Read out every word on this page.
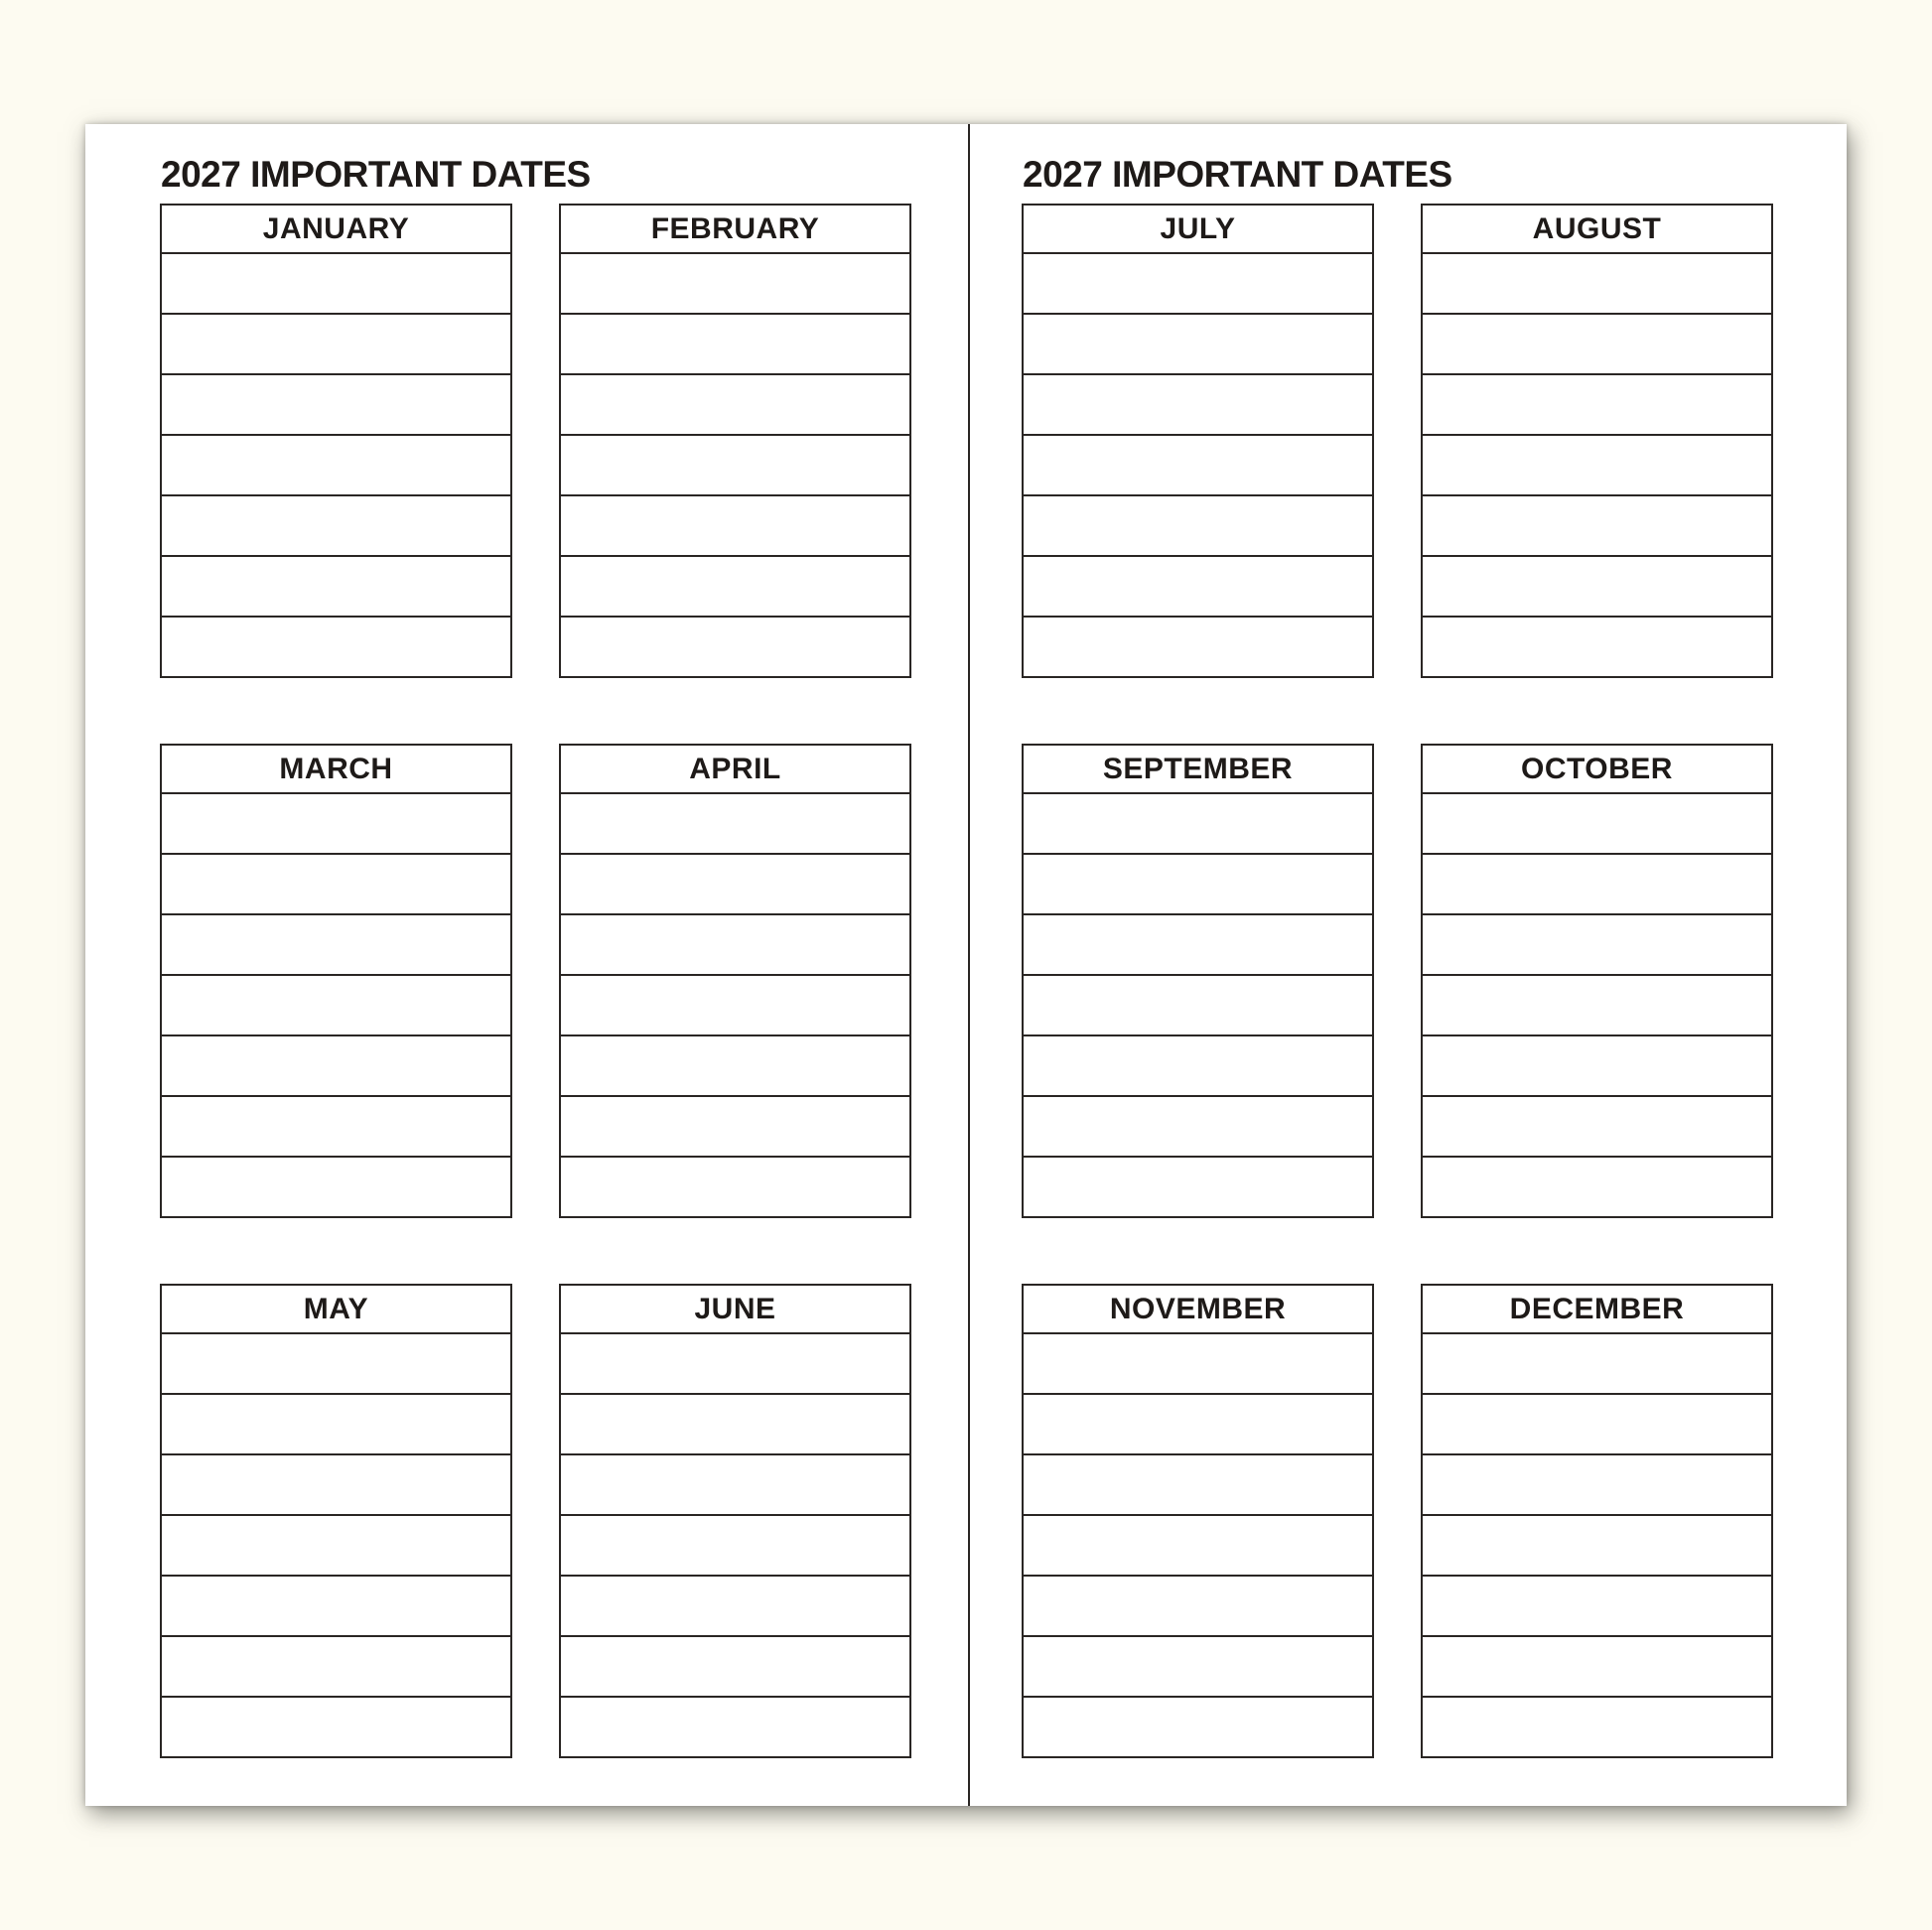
2027 IMPORTANT DATES
JANUARY	FEBRUARY
MARCH	APRIL
MAY	JUNE
2027 IMPORTANT DATES
JULY	AUGUST
SEPTEMBER	OCTOBER
NOVEMBER	DECEMBER
